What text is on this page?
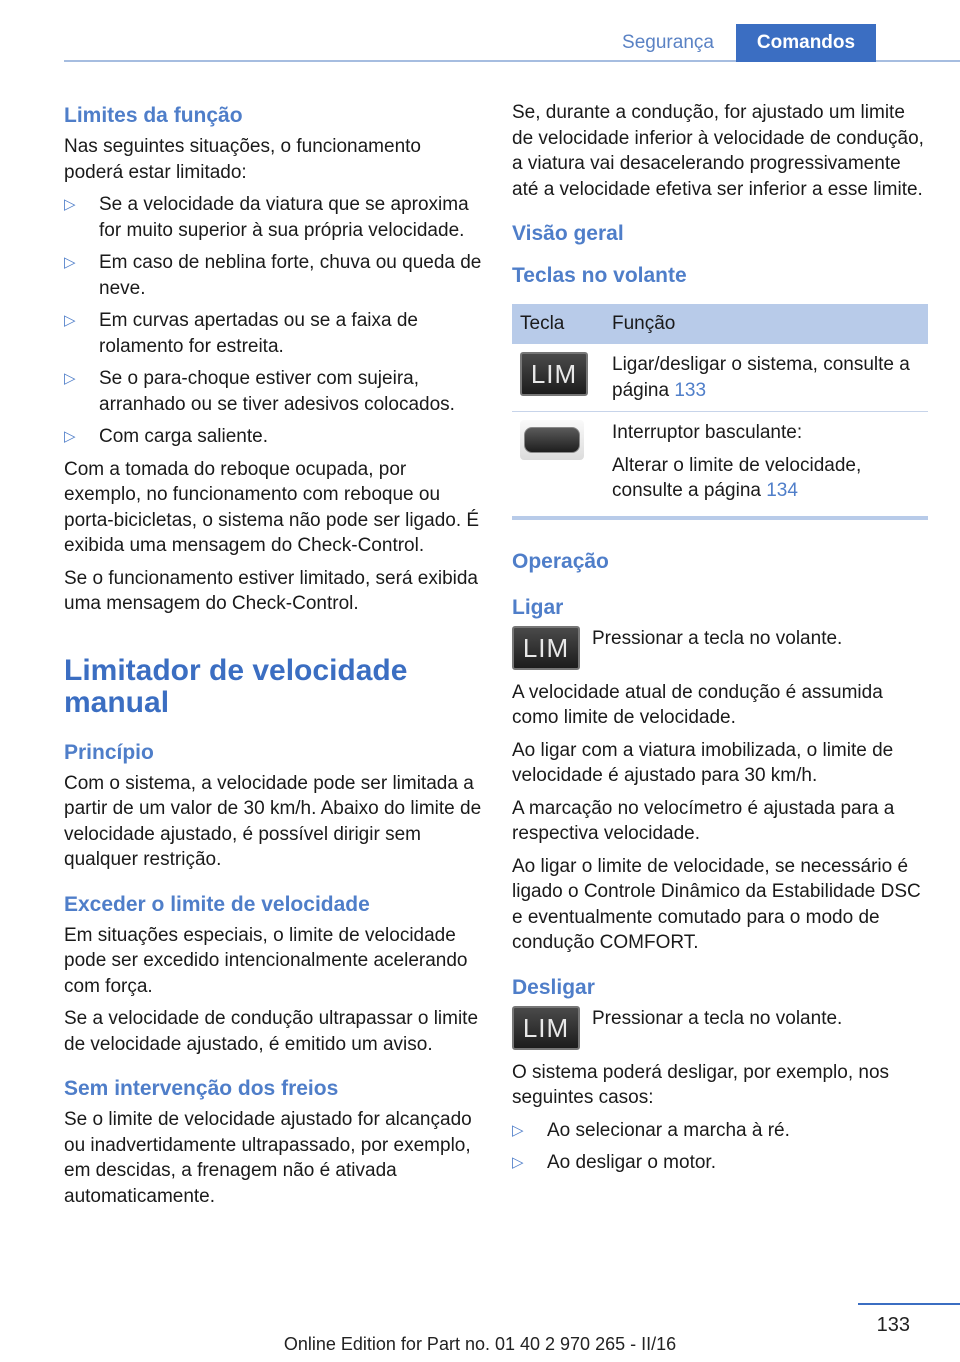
Segurança	Comandos
Limites da função

Nas seguintes situações, o funcionamento poderá estar limitado:

▷ Se a velocidade da viatura que se aproxima for muito superior à sua própria velocidade.
▷ Em caso de neblina forte, chuva ou queda de neve.
▷ Em curvas apertadas ou se a faixa de rolamento for estreita.
▷ Se o para-choque estiver com sujeira, arranhado ou se tiver adesivos colocados.
▷ Com carga saliente.

Com a tomada do reboque ocupada, por exemplo, no funcionamento com reboque ou porta-bicicletas, o sistema não pode ser ligado. É exibida uma mensagem do Check-Control.

Se o funcionamento estiver limitado, será exibida uma mensagem do Check-Control.

Limitador de velocidade manual
Princípio

Com o sistema, a velocidade pode ser limitada a partir de um valor de 30 km/h. Abaixo do limite de velocidade ajustado, é possível dirigir sem qualquer restrição.

Exceder o limite de velocidade

Em situações especiais, o limite de velocidade pode ser excedido intencionalmente acelerando com força.

Se a velocidade de condução ultrapassar o limite de velocidade ajustado, é emitido um aviso.

Sem intervenção dos freios

Se o limite de velocidade ajustado for alcançado ou inadvertidamente ultrapassado, por exemplo, em descidas, a frenagem não é ativada automaticamente.

Se, durante a condução, for ajustado um limite de velocidade inferior à velocidade de condução, a viatura vai desacelerando progressivamente até a velocidade efetiva ser inferior a esse limite.

Visão geral
Teclas no volante
Tecla	Função

LIM	Ligar/desligar o sistema, consulte a página 133

	Interruptor basculante:

Alterar o limite de velocidade, consulte a página 134
Operação
Ligar
LIM	Pressionar a tecla no volante.

A velocidade atual de condução é assumida como limite de velocidade.

Ao ligar com a viatura imobilizada, o limite de velocidade é ajustado para 30 km/h.

A marcação no velocímetro é ajustada para a respectiva velocidade.

Ao ligar o limite de velocidade, se necessário é ligado o Controle Dinâmico da Estabilidade DSC e eventualmente comutado para o modo de condução COMFORT.

Desligar
LIM	Pressionar a tecla no volante.

O sistema poderá desligar, por exemplo, nos seguintes casos:

▷ Ao selecionar a marcha à ré.
▷ Ao desligar o motor.
133
Online Edition for Part no. 01 40 2 970 265 - II/16
